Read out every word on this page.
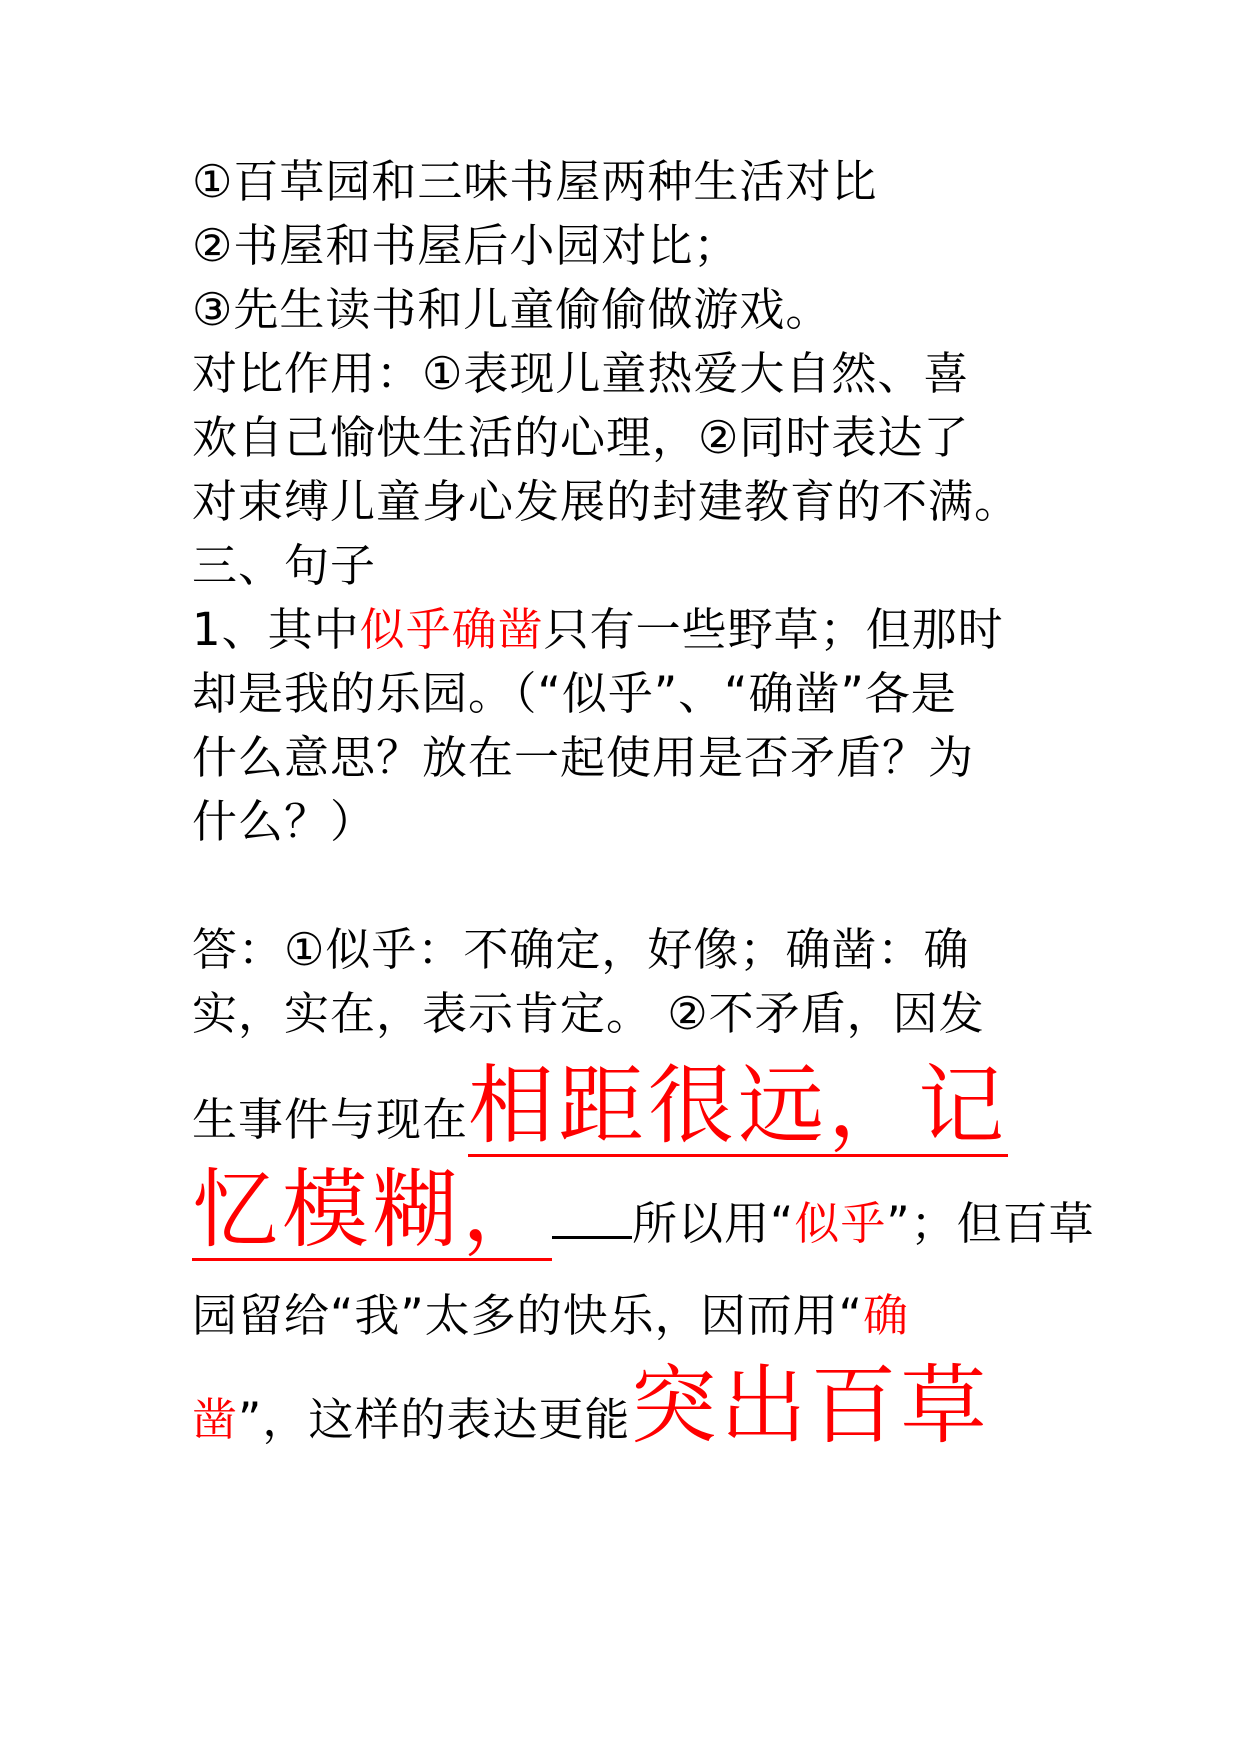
①百草园和三味书屋两种生活对比
②书屋和书屋后小园对比；
③先生读书和儿童偷偷做游戏。
对比作用：①表现儿童热爱大自然、喜
欢自己愉快生活的心理，②同时表达了
对束缚儿童身心发展的封建教育的不满。
三、句子
1、其中似乎确凿只有一些野草；但那时
却是我的乐园。（“似乎”、“确凿”各是
什么意思？放在一起使用是否矛盾？为
什么？）
答：①似乎：不确定，好像；确凿：确
实，实在，表示肯定。 ②不矛盾，因发
生事件与现在相距很远，记
忆模糊， 所以用“似乎”；但百草
园留给“我”太多的快乐，因而用“确
凿”，这样的表达更能突出百草
